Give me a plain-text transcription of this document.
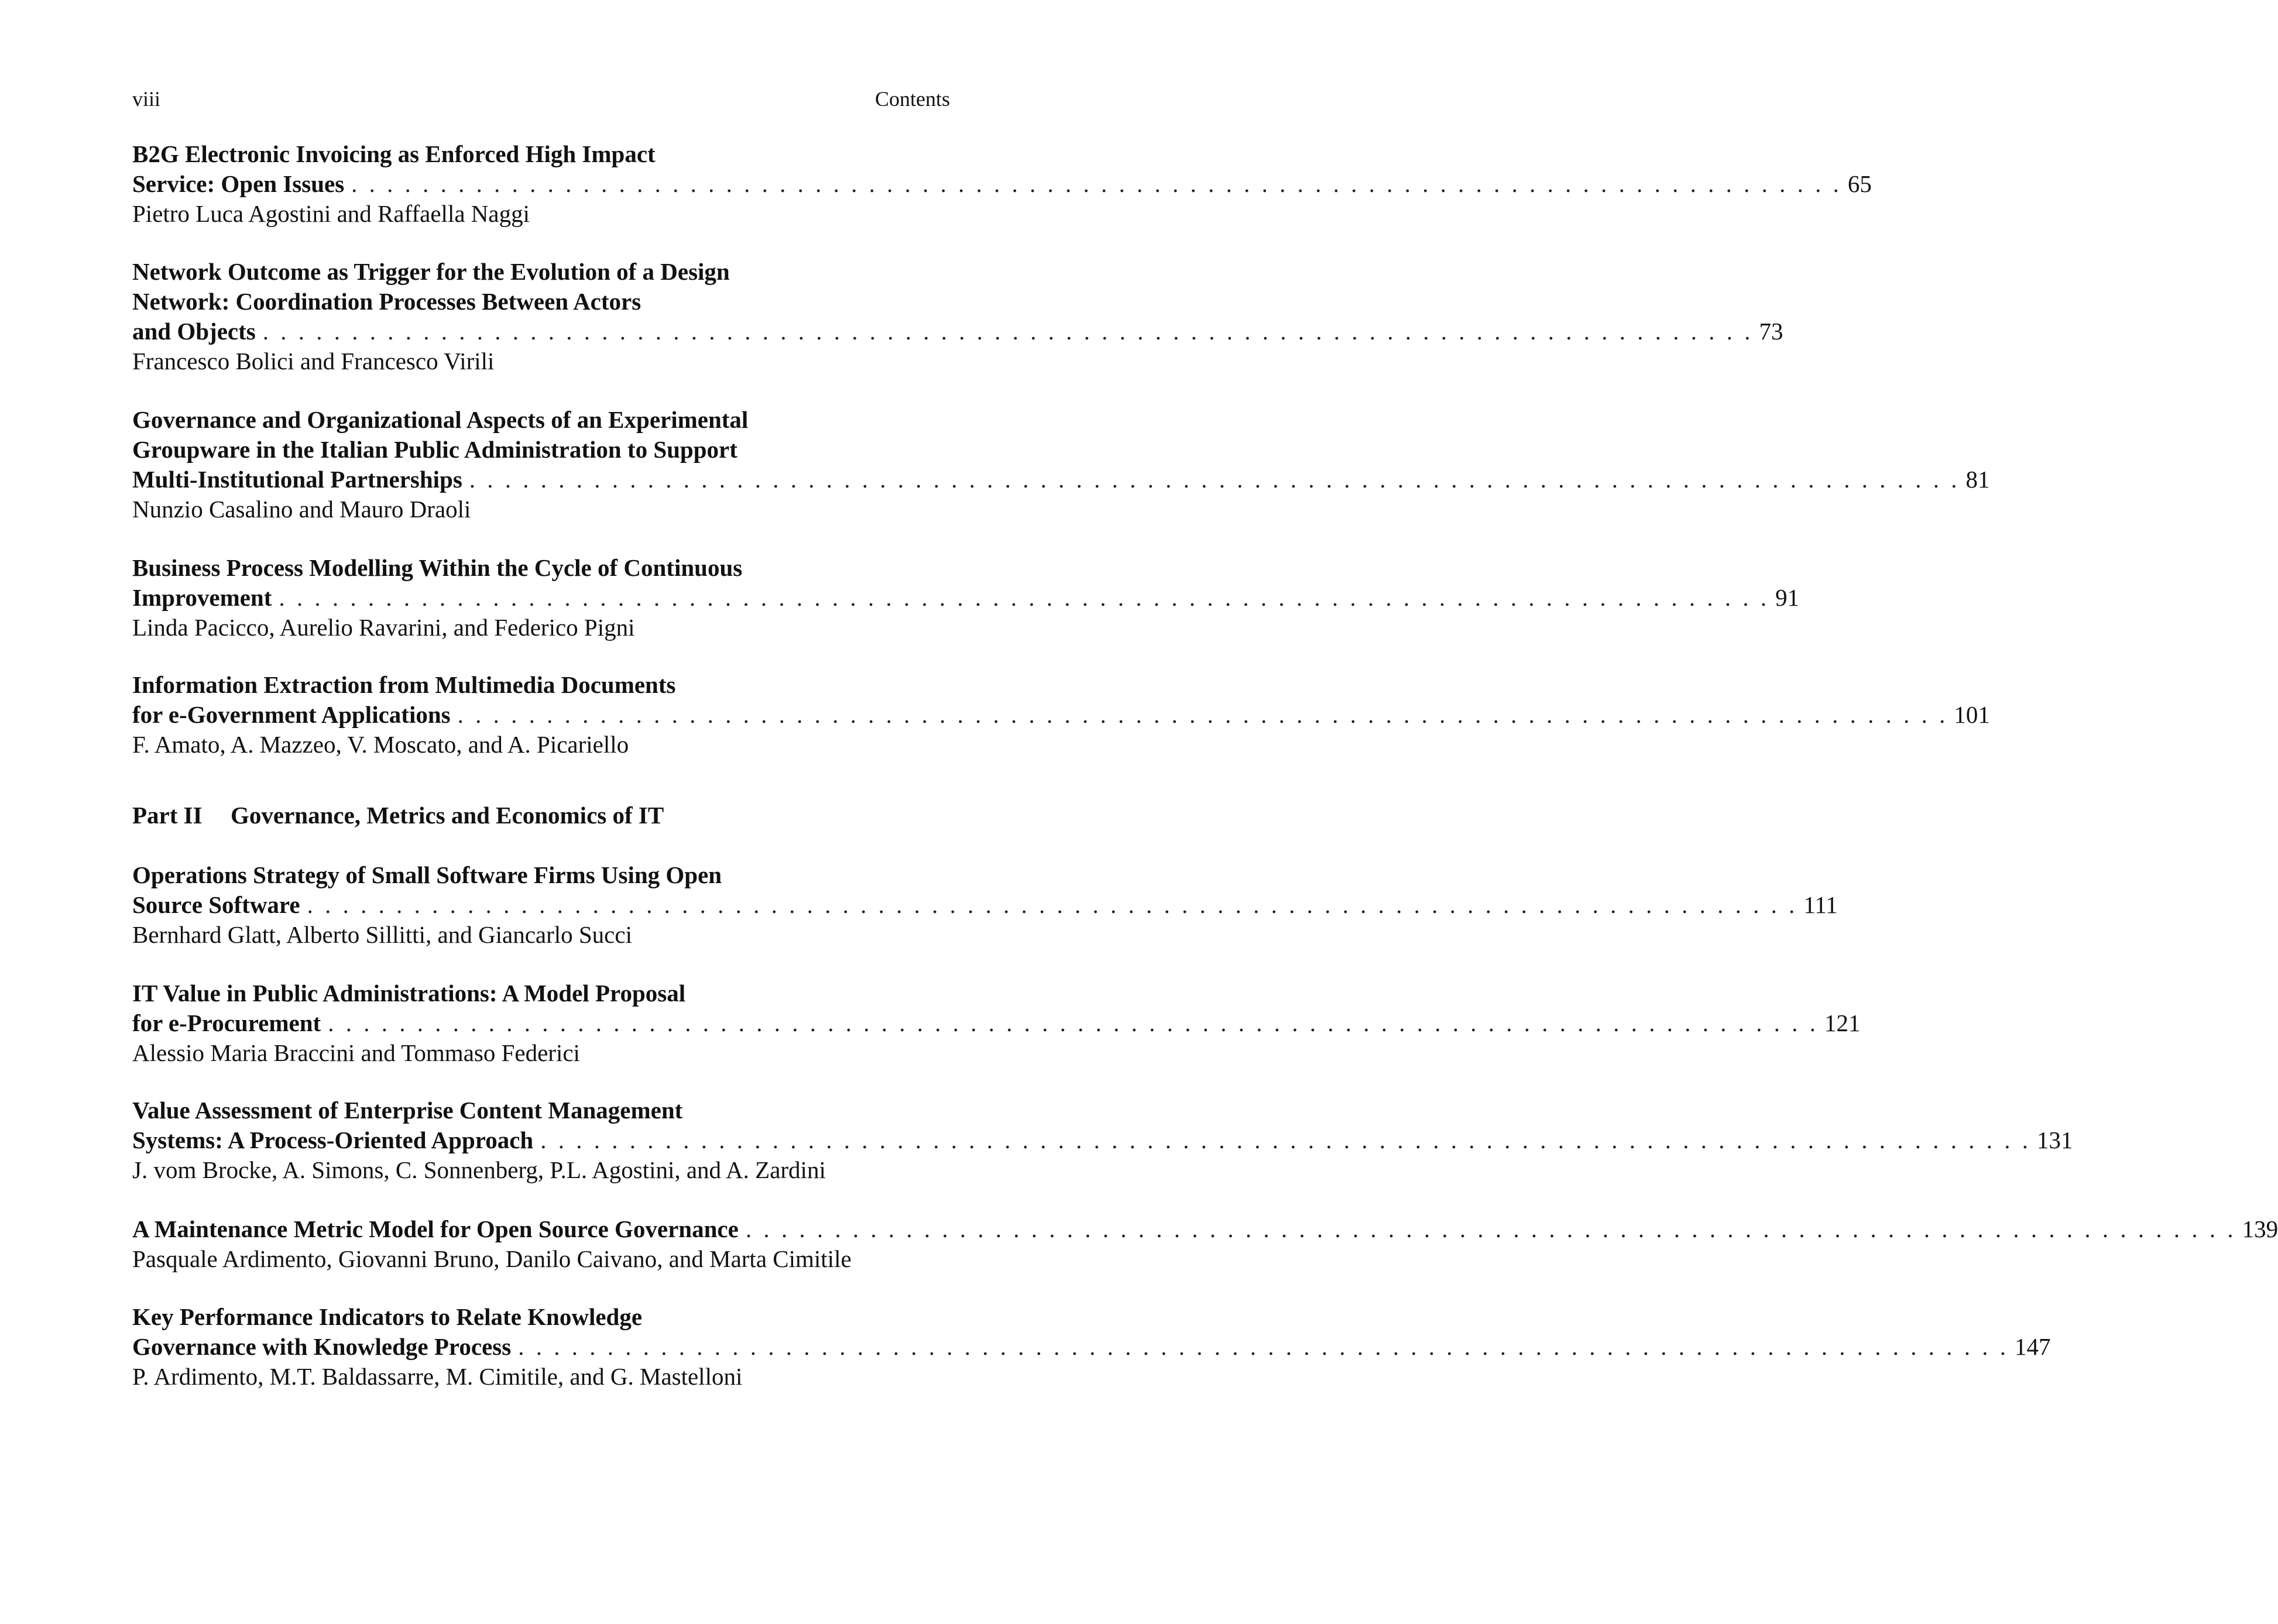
viii	Contents
B2G Electronic Invoicing as Enforced High Impact
Service: Open Issues . . . . . . . . . . . . . . . . . . . . . . . . . . . . . . . . . . . . . . . . . . . . . . . . . . . . . . . . . . . . . . . . . . . . . . . . . . . . . . . . . . . . 65
Pietro Luca Agostini and Raffaella Naggi
Network Outcome as Trigger for the Evolution of a Design
Network: Coordination Processes Between Actors
and Objects . . . . . . . . . . . . . . . . . . . . . . . . . . . . . . . . . . . . . . . . . . . . . . . . . . . . . . . . . . . . . . . . . . . . . . . . . . . . . . . . . . . . 73
Francesco Bolici and Francesco Virili
Governance and Organizational Aspects of an Experimental
Groupware in the Italian Public Administration to Support
Multi-Institutional Partnerships . . . . . . . . . . . . . . . . . . . . . . . . . . . . . . . . . . . . . . . . . . . . . . . . . . . . . . . . . . . . . . . . . . . . . . . . . . . . . . . . . . . . 81
Nunzio Casalino and Mauro Draoli
Business Process Modelling Within the Cycle of Continuous
Improvement . . . . . . . . . . . . . . . . . . . . . . . . . . . . . . . . . . . . . . . . . . . . . . . . . . . . . . . . . . . . . . . . . . . . . . . . . . . . . . . . . . . . 91
Linda Pacicco, Aurelio Ravarini, and Federico Pigni
Information Extraction from Multimedia Documents
for e-Government Applications . . . . . . . . . . . . . . . . . . . . . . . . . . . . . . . . . . . . . . . . . . . . . . . . . . . . . . . . . . . . . . . . . . . . . . . . . . . . . . . . . . . . 101
F. Amato, A. Mazzeo, V. Moscato, and A. Picariello
Part II Governance, Metrics and Economics of IT
Operations Strategy of Small Software Firms Using Open
Source Software . . . . . . . . . . . . . . . . . . . . . . . . . . . . . . . . . . . . . . . . . . . . . . . . . . . . . . . . . . . . . . . . . . . . . . . . . . . . . . . . . . . . 111
Bernhard Glatt, Alberto Sillitti, and Giancarlo Succi
IT Value in Public Administrations: A Model Proposal
for e-Procurement . . . . . . . . . . . . . . . . . . . . . . . . . . . . . . . . . . . . . . . . . . . . . . . . . . . . . . . . . . . . . . . . . . . . . . . . . . . . . . . . . . . . 121
Alessio Maria Braccini and Tommaso Federici
Value Assessment of Enterprise Content Management
Systems: A Process-Oriented Approach . . . . . . . . . . . . . . . . . . . . . . . . . . . . . . . . . . . . . . . . . . . . . . . . . . . . . . . . . . . . . . . . . . . . . . . . . . . . . . . . . . . . 131
J. vom Brocke, A. Simons, C. Sonnenberg, P.L. Agostini, and A. Zardini
A Maintenance Metric Model for Open Source Governance . . . . . . . . . . . . . . . . . . . . . . . . . . . . . . . . . . . . . . . . . . . . . . . . . . . . . . . . . . . . . . . . . . . . . . . . . . . . . . . . . . . . 139
Pasquale Ardimento, Giovanni Bruno, Danilo Caivano, and Marta Cimitile
Key Performance Indicators to Relate Knowledge
Governance with Knowledge Process . . . . . . . . . . . . . . . . . . . . . . . . . . . . . . . . . . . . . . . . . . . . . . . . . . . . . . . . . . . . . . . . . . . . . . . . . . . . . . . . . . . . 147
P. Ardimento, M.T. Baldassarre, M. Cimitile, and G. Mastelloni
